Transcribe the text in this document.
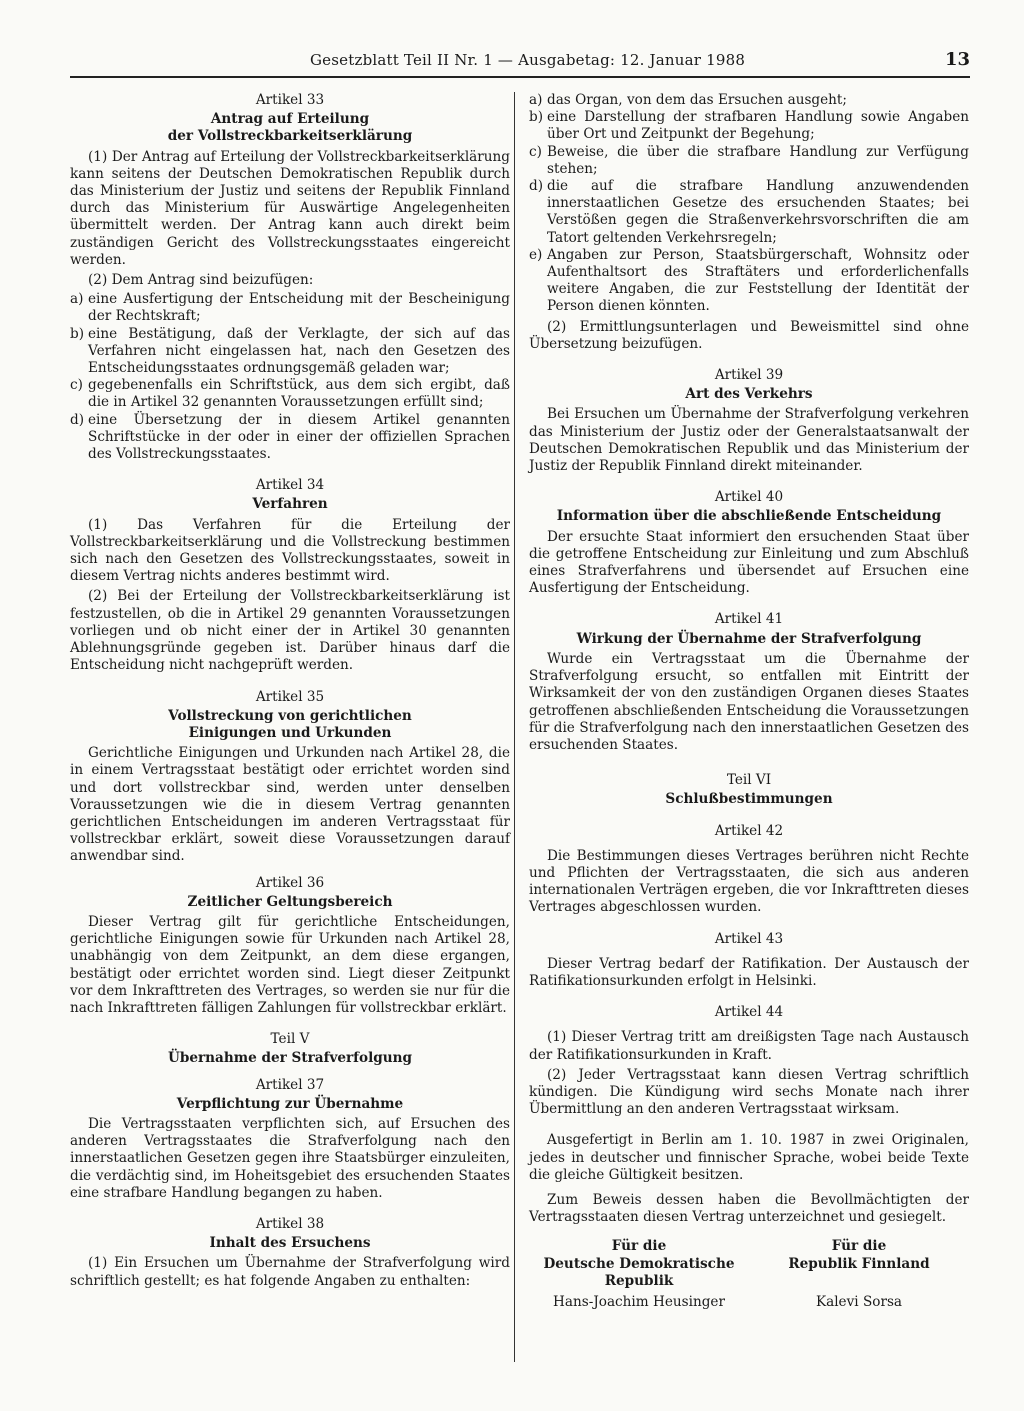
Gesetzblatt Teil II Nr. 1 — Ausgabetag: 12. Januar 1988	13
Artikel 33
Antrag auf Erteilung
der Vollstreckbarkeitserklärung

(1) Der Antrag auf Erteilung der Vollstreckbarkeitserklärung kann seitens der Deutschen Demokratischen Republik durch das Ministerium der Justiz und seitens der Republik Finnland durch das Ministerium für Auswärtige Angelegenheiten übermittelt werden. Der Antrag kann auch direkt beim zuständigen Gericht des Vollstreckungsstaates eingereicht werden.

(2) Dem Antrag sind beizufügen:

a) eine Ausfertigung der Entscheidung mit der Bescheinigung der Rechtskraft;
b) eine Bestätigung, daß der Verklagte, der sich auf das Verfahren nicht eingelassen hat, nach den Gesetzen des Entscheidungsstaates ordnungsgemäß geladen war;
c) gegebenenfalls ein Schriftstück, aus dem sich ergibt, daß die in Artikel 32 genannten Voraussetzungen erfüllt sind;
d) eine Übersetzung der in diesem Artikel genannten Schriftstücke in der oder in einer der offiziellen Sprachen des Vollstreckungsstaates.
Artikel 34
Verfahren

(1) Das Verfahren für die Erteilung der Vollstreckbarkeitserklärung und die Vollstreckung bestimmen sich nach den Gesetzen des Vollstreckungsstaates, soweit in diesem Vertrag nichts anderes bestimmt wird.

(2) Bei der Erteilung der Vollstreckbarkeitserklärung ist festzustellen, ob die in Artikel 29 genannten Voraussetzungen vorliegen und ob nicht einer der in Artikel 30 genannten Ablehnungsgründe gegeben ist. Darüber hinaus darf die Entscheidung nicht nachgeprüft werden.

Artikel 35
Vollstreckung von gerichtlichen
Einigungen und Urkunden

Gerichtliche Einigungen und Urkunden nach Artikel 28, die in einem Vertragsstaat bestätigt oder errichtet worden sind und dort vollstreckbar sind, werden unter denselben Voraussetzungen wie die in diesem Vertrag genannten gerichtlichen Entscheidungen im anderen Vertragsstaat für vollstreckbar erklärt, soweit diese Voraussetzungen darauf anwendbar sind.

Artikel 36
Zeitlicher Geltungsbereich

Dieser Vertrag gilt für gerichtliche Entscheidungen, gerichtliche Einigungen sowie für Urkunden nach Artikel 28, unabhängig von dem Zeitpunkt, an dem diese ergangen, bestätigt oder errichtet worden sind. Liegt dieser Zeitpunkt vor dem Inkrafttreten des Vertrages, so werden sie nur für die nach Inkrafttreten fälligen Zahlungen für vollstreckbar erklärt.

Teil V
Übernahme der Strafverfolgung
Artikel 37
Verpflichtung zur Übernahme

Die Vertragsstaaten verpflichten sich, auf Ersuchen des anderen Vertragsstaates die Strafverfolgung nach den innerstaatlichen Gesetzen gegen ihre Staatsbürger einzuleiten, die verdächtig sind, im Hoheitsgebiet des ersuchenden Staates eine strafbare Handlung begangen zu haben.

Artikel 38
Inhalt des Ersuchens

(1) Ein Ersuchen um Übernahme der Strafverfolgung wird schriftlich gestellt; es hat folgende Angaben zu enthalten:

a) das Organ, von dem das Ersuchen ausgeht;
b) eine Darstellung der strafbaren Handlung sowie Angaben über Ort und Zeitpunkt der Begehung;
c) Beweise, die über die strafbare Handlung zur Verfügung stehen;
d) die auf die strafbare Handlung anzuwendenden innerstaatlichen Gesetze des ersuchenden Staates; bei Verstößen gegen die Straßenverkehrsvorschriften die am Tatort geltenden Verkehrsregeln;
e) Angaben zur Person, Staatsbürgerschaft, Wohnsitz oder Aufenthaltsort des Straftäters und erforderlichenfalls weitere Angaben, die zur Feststellung der Identität der Person dienen könnten.

(2) Ermittlungsunterlagen und Beweismittel sind ohne Übersetzung beizufügen.

Artikel 39
Art des Verkehrs

Bei Ersuchen um Übernahme der Strafverfolgung verkehren das Ministerium der Justiz oder der Generalstaatsanwalt der Deutschen Demokratischen Republik und das Ministerium der Justiz der Republik Finnland direkt miteinander.

Artikel 40
Information über die abschließende Entscheidung

Der ersuchte Staat informiert den ersuchenden Staat über die getroffene Entscheidung zur Einleitung und zum Abschluß eines Strafverfahrens und übersendet auf Ersuchen eine Ausfertigung der Entscheidung.

Artikel 41
Wirkung der Übernahme der Strafverfolgung

Wurde ein Vertragsstaat um die Übernahme der Strafverfolgung ersucht, so entfallen mit Eintritt der Wirksamkeit der von den zuständigen Organen dieses Staates getroffenen abschließenden Entscheidung die Voraussetzungen für die Strafverfolgung nach den innerstaatlichen Gesetzen des ersuchenden Staates.

Teil VI
Schlußbestimmungen
Artikel 42

Die Bestimmungen dieses Vertrages berühren nicht Rechte und Pflichten der Vertragsstaaten, die sich aus anderen internationalen Verträgen ergeben, die vor Inkrafttreten dieses Vertrages abgeschlossen wurden.

Artikel 43

Dieser Vertrag bedarf der Ratifikation. Der Austausch der Ratifikationsurkunden erfolgt in Helsinki.

Artikel 44

(1) Dieser Vertrag tritt am dreißigsten Tage nach Austausch der Ratifikationsurkunden in Kraft.

(2) Jeder Vertragsstaat kann diesen Vertrag schriftlich kündigen. Die Kündigung wird sechs Monate nach ihrer Übermittlung an den anderen Vertragsstaat wirksam.

Ausgefertigt in Berlin am 1. 10. 1987 in zwei Originalen, jedes in deutscher und finnischer Sprache, wobei beide Texte die gleiche Gültigkeit besitzen.

Zum Beweis dessen haben die Bevollmächtigten der Vertragsstaaten diesen Vertrag unterzeichnet und gesiegelt.

Für die
Deutsche Demokratische
Republik
Hans-Joachim Heusinger
Für die
Republik Finnland
Kalevi Sorsa
